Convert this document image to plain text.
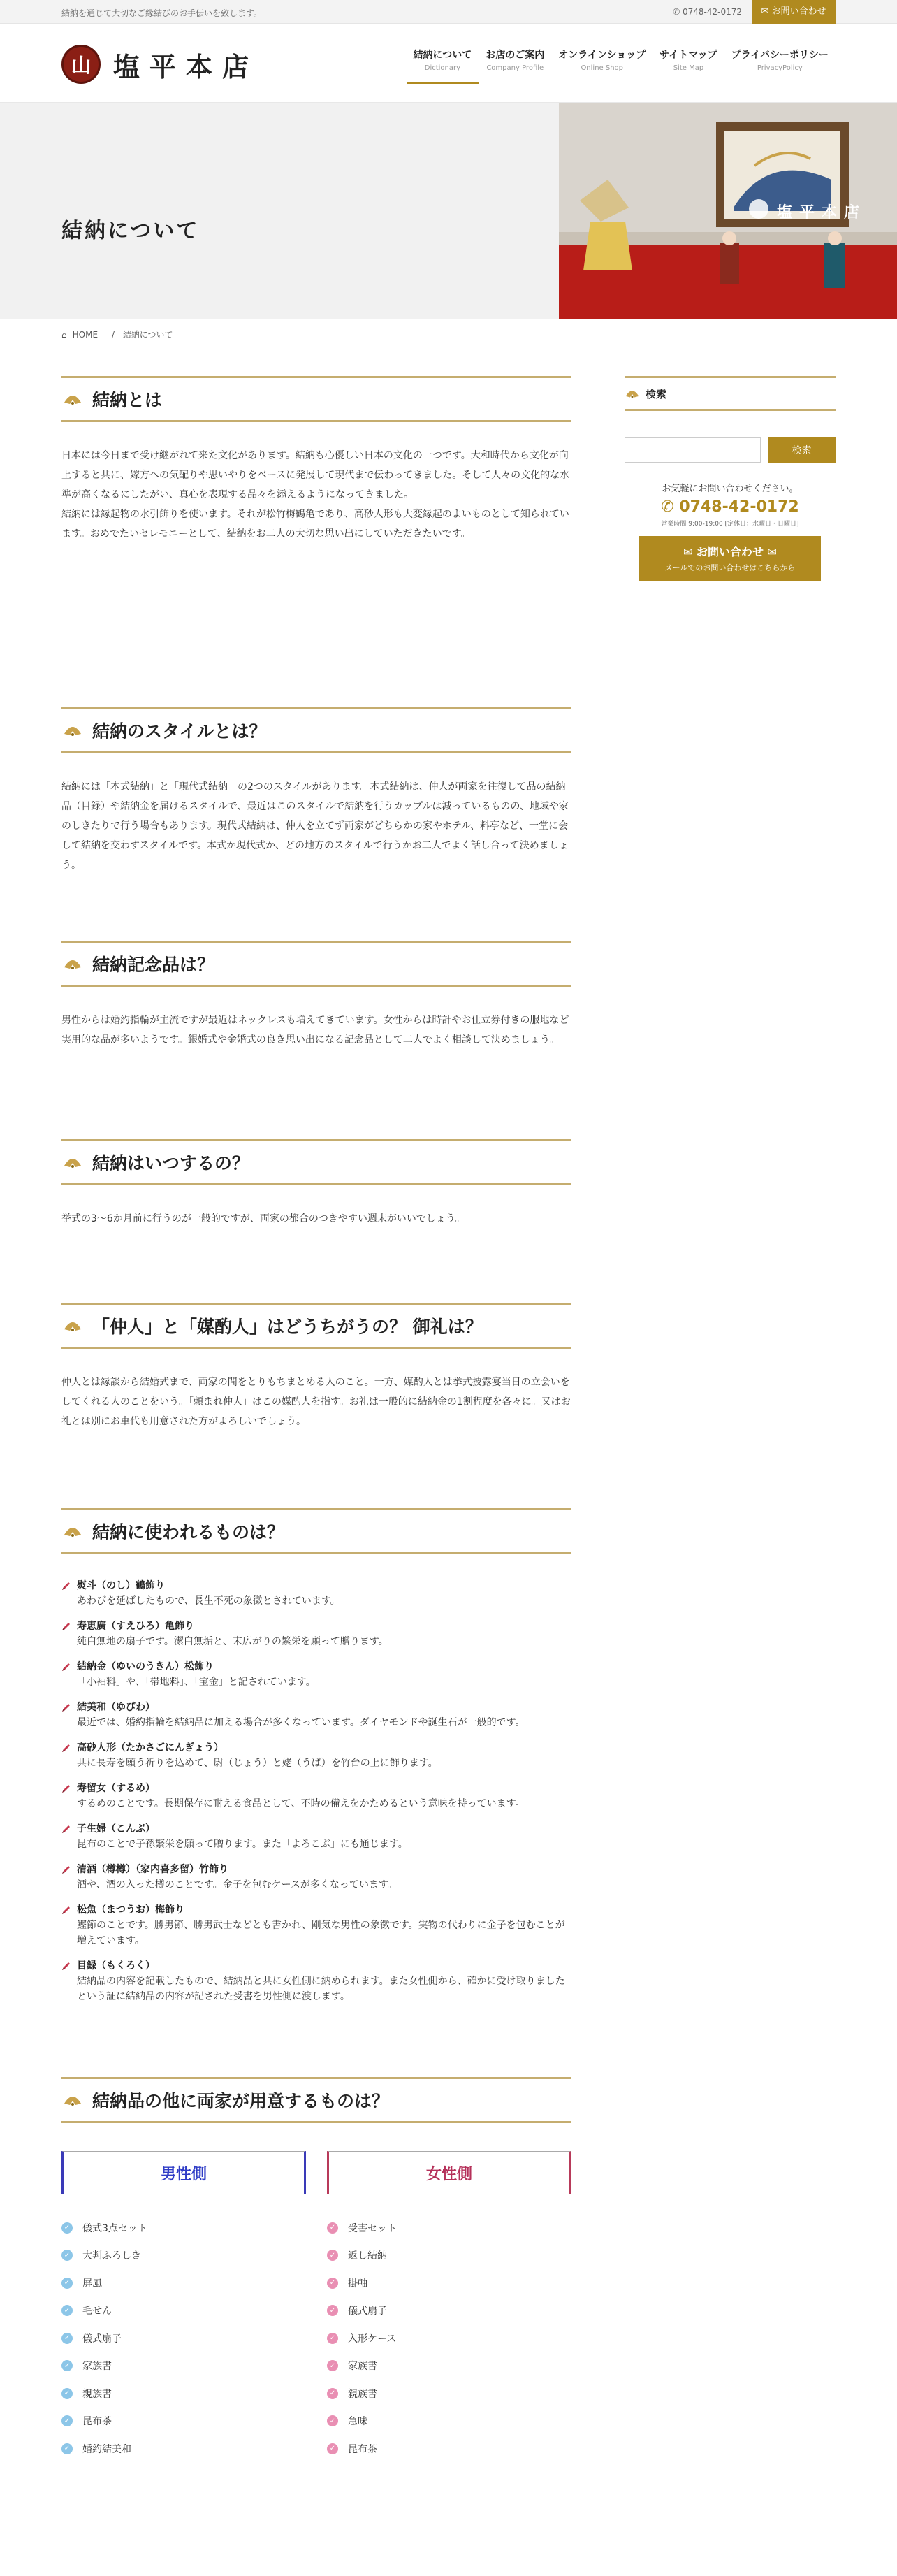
結納を通じて大切なご縁結びのお手伝いを致します。	✆ 0748-42-0172	✉ お問い合わせ
山 塩平本店	結納について
Dictionary
お店のご案内
Company Profile
オンラインショップ
Online Shop
サイトマップ
Site Map
プライバシーポリシー
PrivacyPolicy
結納について
塩平本店
⌂ HOME / 結納について
結納とは
日本には今日まで受け継がれて来た文化があります。結納も心優しい日本の文化の一つです。大和時代から文化が向上すると共に、嫁方への気配りや思いやりをベースに発展して現代まで伝わってきました。そして人々の文化的な水準が高くなるにしたがい、真心を表現する品々を添えるようになってきました。
結納には縁起物の水引飾りを使います。それが松竹梅鶴亀であり、高砂人形も大変縁起のよいものとして知られています。おめでたいセレモニーとして、結納をお二人の大切な思い出にしていただきたいです。
結納のスタイルとは？
結納には「本式結納」と「現代式結納」の2つのスタイルがあります。本式結納は、仲人が両家を往復して品の結納品（目録）や結納金を届けるスタイルで、最近はこのスタイルで結納を行うカップルは減っているものの、地域や家のしきたりで行う場合もあります。現代式結納は、仲人を立てず両家がどちらかの家やホテル、料亭など、一堂に会して結納を交わすスタイルです。本式か現代式か、どの地方のスタイルで行うかお二人でよく話し合って決めましょう。
結納記念品は？
男性からは婚約指輪が主流ですが最近はネックレスも増えてきています。女性からは時計やお仕立券付きの服地など実用的な品が多いようです。銀婚式や金婚式の良き思い出になる記念品として二人でよく相談して決めましょう。
結納はいつするの？
挙式の3〜6か月前に行うのが一般的ですが、両家の都合のつきやすい週末がいいでしょう。
「仲人」と「媒酌人」はどうちがうの？ 御礼は？
仲人とは縁談から結婚式まで、両家の間をとりもちまとめる人のこと。一方、媒酌人とは挙式披露宴当日の立会いをしてくれる人のことをいう。「頼まれ仲人」はこの媒酌人を指す。お礼は一般的に結納金の1割程度を各々に。又はお礼とは別にお車代も用意された方がよろしいでしょう。
結納に使われるものは？
熨斗（のし）鶴飾り
あわびを延ばしたもので、長生不死の象徴とされています。
寿恵廣（すえひろ）亀飾り
純白無地の扇子です。潔白無垢と、末広がりの繁栄を願って贈ります。
結納金（ゆいのうきん）松飾り
「小袖料」や、「帯地料」、「宝金」と記されています。
結美和（ゆびわ）
最近では、婚約指輪を結納品に加える場合が多くなっています。ダイヤモンドや誕生石が一般的です。
高砂人形（たかさごにんぎょう）
共に長寿を願う祈りを込めて、尉（じょう）と姥（うば）を竹台の上に飾ります。
寿留女（するめ）
するめのことです。長期保存に耐える食品として、不時の備えをかためるという意味を持っています。
子生婦（こんぶ）
昆布のことで子孫繁栄を願って贈ります。また「よろこぶ」にも通じます。
清酒（樽樽）（家内喜多留）竹飾り
酒や、酒の入った樽のことです。金子を包むケースが多くなっています。
松魚（まつうお）梅飾り
鰹節のことです。勝男節、勝男武士などとも書かれ、剛気な男性の象徴です。実物の代わりに金子を包むことが増えています。
目録（もくろく）
結納品の内容を記載したもので、結納品と共に女性側に納められます。また女性側から、確かに受け取りましたという証に結納品の内容が記された受書を男性側に渡します。
結納品の他に両家が用意するものは？
男性側
✓ 儀式3点セット
✓ 大判ふろしき
✓ 屏風
✓ 毛せん
✓ 儀式扇子
✓ 家族書
✓ 親族書
✓ 昆布茶
✓ 婚約結美和
女性側
✓ 受書セット
✓ 返し結納
✓ 掛軸
✓ 儀式扇子
✓ 入形ケース
✓ 家族書
✓ 親族書
✓ 急味
✓ 昆布茶
検索
検索
お気軽にお問い合わせください。
✆ 0748-42-0172
営業時間 9:00-19:00 [定休日：水曜日・日曜日]
✉ お問い合わせ ✉
メールでのお問い合わせはこちらから
